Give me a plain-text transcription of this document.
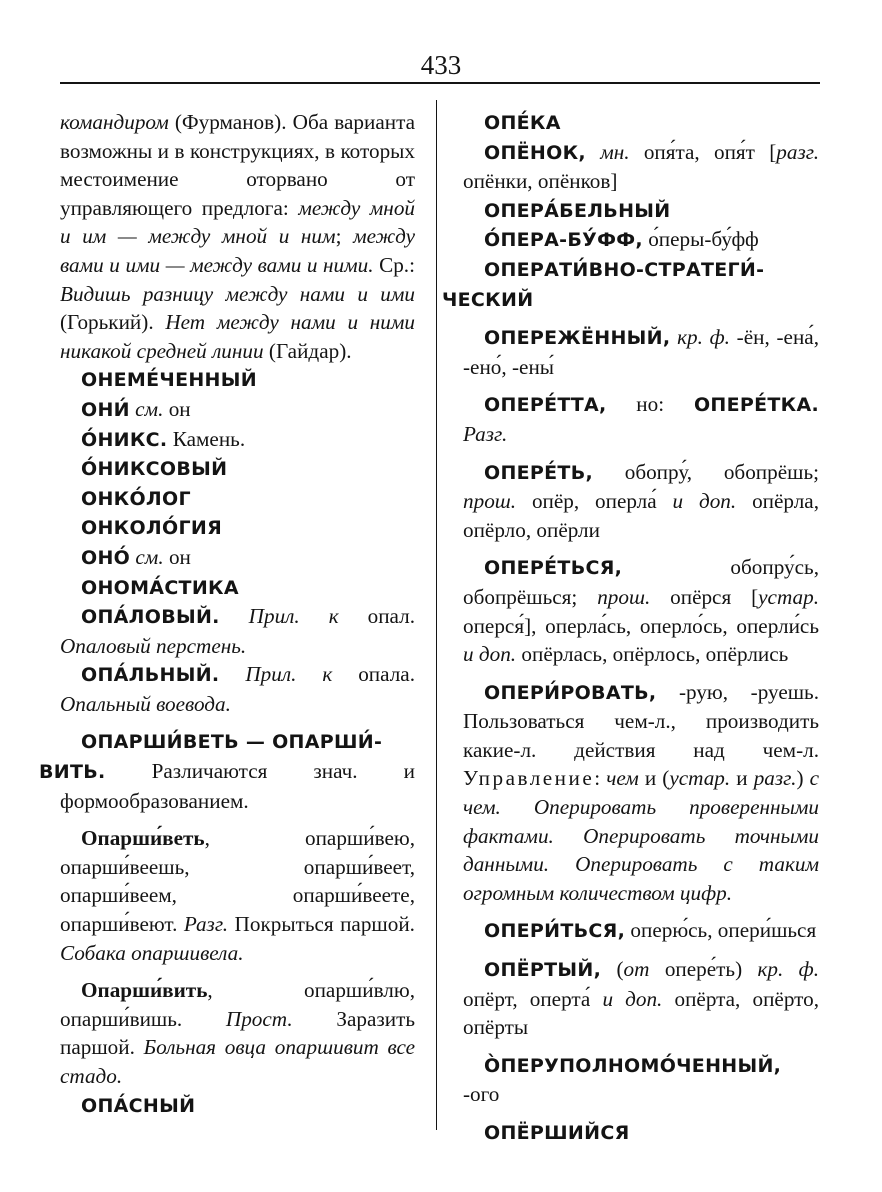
433

командиром (Фурманов). Оба варианта возможны и в конструкциях, в которых местоимение оторвано от управляющего предлога: между мной и им — между мной и ним; между вами и ими — между вами и ними. Ср.: Видишь разницу между нами и ими (Горький). Нет между нами и ними никакой средней линии (Гайдар).

ОНЕМЕ́ЧЕННЫЙ

ОНИ́ см. он

О́НИКС. Камень.

О́НИКСОВЫЙ

ОНКО́ЛОГ

ОНКОЛО́ГИЯ

ОНО́ см. он

ОНОМА́СТИКА

ОПА́ЛОВЫЙ. Прил. к опал. Опаловый перстень.

ОПА́ЛЬНЫЙ. Прил. к опала. Опальный воевода.

ОПАРШИ́ВЕТЬ — ОПАРШИ́-
ВИТЬ. Различаются знач. и формообразованием.

Опарши́веть, опарши́вею, опарши́веешь, опарши́веет, опарши́веем, опарши́веете, опарши́веют. Разг. Покрыться паршой. Собака опаршивела.

Опарши́вить, опарши́влю, опарши́вишь. Прост. Заразить паршой. Больная овца опаршивит все стадо.

ОПА́СНЫЙ

ОПЕ́КА

ОПЁНОК, мн. опя́та, опя́т [разг. опёнки, опёнков]

ОПЕРА́БЕЛЬНЫЙ

О́ПЕРА-БУ́ФФ, о́перы-бу́фф

ОПЕРАТИ́ВНО-СТРАТЕГИ́-
ЧЕСКИЙ

ОПЕРЕЖЁННЫЙ, кр. ф. -ён, -ена́, -ено́, -ены́

ОПЕРЕ́ТТА, но: ОПЕРЕ́ТКА. Разг.

ОПЕРЕ́ТЬ, обопру́, обопрёшь; прош. опёр, оперла́ и доп. опёрла, опёрло, опёрли

ОПЕРЕ́ТЬСЯ, обопру́сь, обопрёшься; прош. опёрся [устар. оперся́], оперла́сь, оперло́сь, оперли́сь и доп. опёрлась, опёрлось, опёрлись

ОПЕРИ́РОВАТЬ, -рую, -руешь. Пользоваться чем-л., производить какие-л. действия над чем-л. Управление: чем и (устар. и разг.) с чем. Оперировать проверенными фактами. Оперировать точными данными. Оперировать с таким огромным количеством цифр.

ОПЕРИ́ТЬСЯ, оперю́сь, опери́шься

ОПЁРТЫЙ, (от опере́ть) кр. ф. опёрт, оперта́ и доп. опёрта, опёрто, опёрты

О̀ПЕРУПОЛНОМО́ЧЕННЫЙ, -ого

ОПЁРШИЙСЯ
